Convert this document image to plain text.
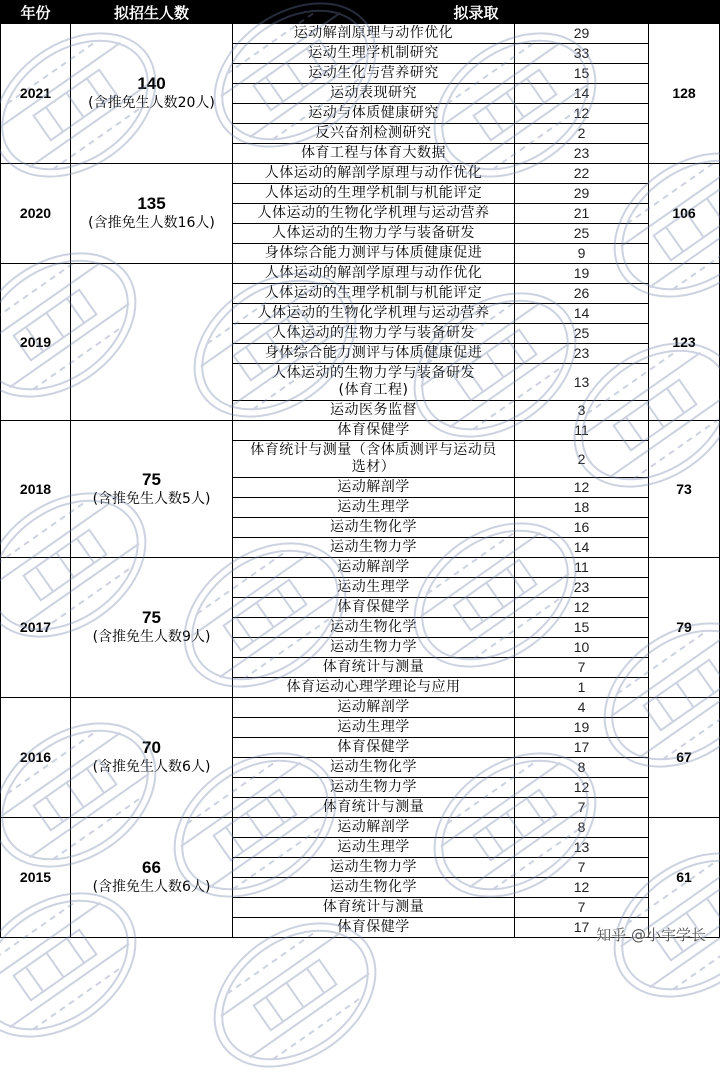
年份	拟招生人数	拟录取		
2021	140
(含推免生人数20人)	运动解剖原理与动作优化	29	128
		运动生理学机制研究	33	
		运动生化与营养研究	15	
		运动表现研究	14	
		运动与体质健康研究	12	
		反兴奋剂检测研究	2	
		体育工程与体育大数据	23	
2020	135
(含推免生人数16人)	人体运动的解剖学原理与动作优化	22	106
		人体运动的生理学机制与机能评定	29	
		人体运动的生物化学机理与运动营养	21	
		人体运动的生物力学与装备研发	25	
		身体综合能力测评与体质健康促进	9	
2019		人体运动的解剖学原理与动作优化	19	123
		人体运动的生理学机制与机能评定	26	
		人体运动的生物化学机理与运动营养	14	
		人体运动的生物力学与装备研发	25	
		身体综合能力测评与体质健康促进	23	
		人体运动的生物力学与装备研发
(体育工程)	13	
		运动医务监督	3	
2018	75
(含推免生人数5人)	体育保健学	11	73
		体育统计与测量（含体质测评与运动员
选材）	2	
		运动解剖学	12	
		运动生理学	18	
		运动生物化学	16	
		运动生物力学	14	
2017	75
(含推免生人数9人)	运动解剖学	11	79
		运动生理学	23	
		体育保健学	12	
		运动生物化学	15	
		运动生物力学	10	
		体育统计与测量	7	
		体育运动心理学理论与应用	1	
2016	70
(含推免生人数6人)	运动解剖学	4	67
		运动生理学	19	
		体育保健学	17	
		运动生物化学	8	
		运动生物力学	12	
		体育统计与测量	7	
2015	66
(含推免生人数6人)	运动解剖学	8	61
		运动生理学	13	
		运动生物力学	7	
		运动生物化学	12	
		体育统计与测量	7	
		体育保健学	17	知乎 @小宇学长
